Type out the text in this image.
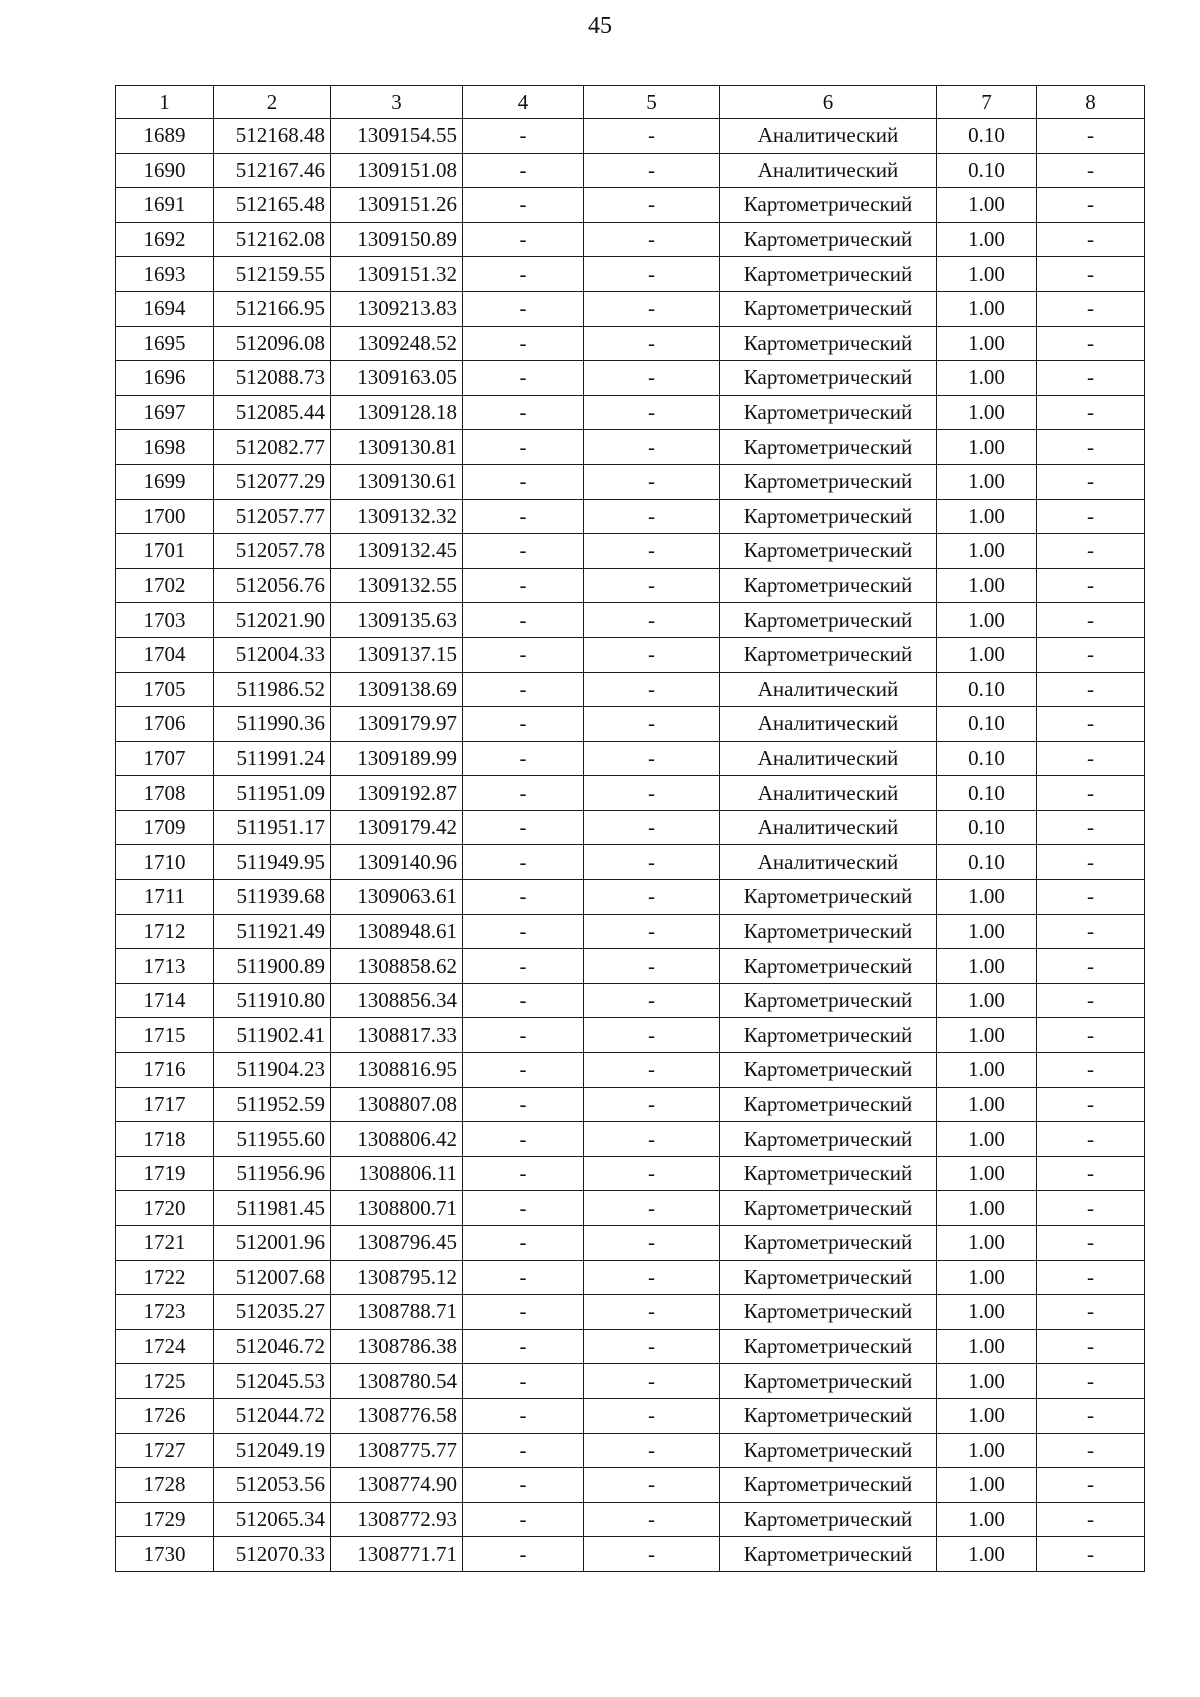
45
1	2	3	4	5	6	7	8
1689	512168.48	1309154.55	-	-	Аналитический	0.10	-
1690	512167.46	1309151.08	-	-	Аналитический	0.10	-
1691	512165.48	1309151.26	-	-	Картометрический	1.00	-
1692	512162.08	1309150.89	-	-	Картометрический	1.00	-
1693	512159.55	1309151.32	-	-	Картометрический	1.00	-
1694	512166.95	1309213.83	-	-	Картометрический	1.00	-
1695	512096.08	1309248.52	-	-	Картометрический	1.00	-
1696	512088.73	1309163.05	-	-	Картометрический	1.00	-
1697	512085.44	1309128.18	-	-	Картометрический	1.00	-
1698	512082.77	1309130.81	-	-	Картометрический	1.00	-
1699	512077.29	1309130.61	-	-	Картометрический	1.00	-
1700	512057.77	1309132.32	-	-	Картометрический	1.00	-
1701	512057.78	1309132.45	-	-	Картометрический	1.00	-
1702	512056.76	1309132.55	-	-	Картометрический	1.00	-
1703	512021.90	1309135.63	-	-	Картометрический	1.00	-
1704	512004.33	1309137.15	-	-	Картометрический	1.00	-
1705	511986.52	1309138.69	-	-	Аналитический	0.10	-
1706	511990.36	1309179.97	-	-	Аналитический	0.10	-
1707	511991.24	1309189.99	-	-	Аналитический	0.10	-
1708	511951.09	1309192.87	-	-	Аналитический	0.10	-
1709	511951.17	1309179.42	-	-	Аналитический	0.10	-
1710	511949.95	1309140.96	-	-	Аналитический	0.10	-
1711	511939.68	1309063.61	-	-	Картометрический	1.00	-
1712	511921.49	1308948.61	-	-	Картометрический	1.00	-
1713	511900.89	1308858.62	-	-	Картометрический	1.00	-
1714	511910.80	1308856.34	-	-	Картометрический	1.00	-
1715	511902.41	1308817.33	-	-	Картометрический	1.00	-
1716	511904.23	1308816.95	-	-	Картометрический	1.00	-
1717	511952.59	1308807.08	-	-	Картометрический	1.00	-
1718	511955.60	1308806.42	-	-	Картометрический	1.00	-
1719	511956.96	1308806.11	-	-	Картометрический	1.00	-
1720	511981.45	1308800.71	-	-	Картометрический	1.00	-
1721	512001.96	1308796.45	-	-	Картометрический	1.00	-
1722	512007.68	1308795.12	-	-	Картометрический	1.00	-
1723	512035.27	1308788.71	-	-	Картометрический	1.00	-
1724	512046.72	1308786.38	-	-	Картометрический	1.00	-
1725	512045.53	1308780.54	-	-	Картометрический	1.00	-
1726	512044.72	1308776.58	-	-	Картометрический	1.00	-
1727	512049.19	1308775.77	-	-	Картометрический	1.00	-
1728	512053.56	1308774.90	-	-	Картометрический	1.00	-
1729	512065.34	1308772.93	-	-	Картометрический	1.00	-
1730	512070.33	1308771.71	-	-	Картометрический	1.00	-
